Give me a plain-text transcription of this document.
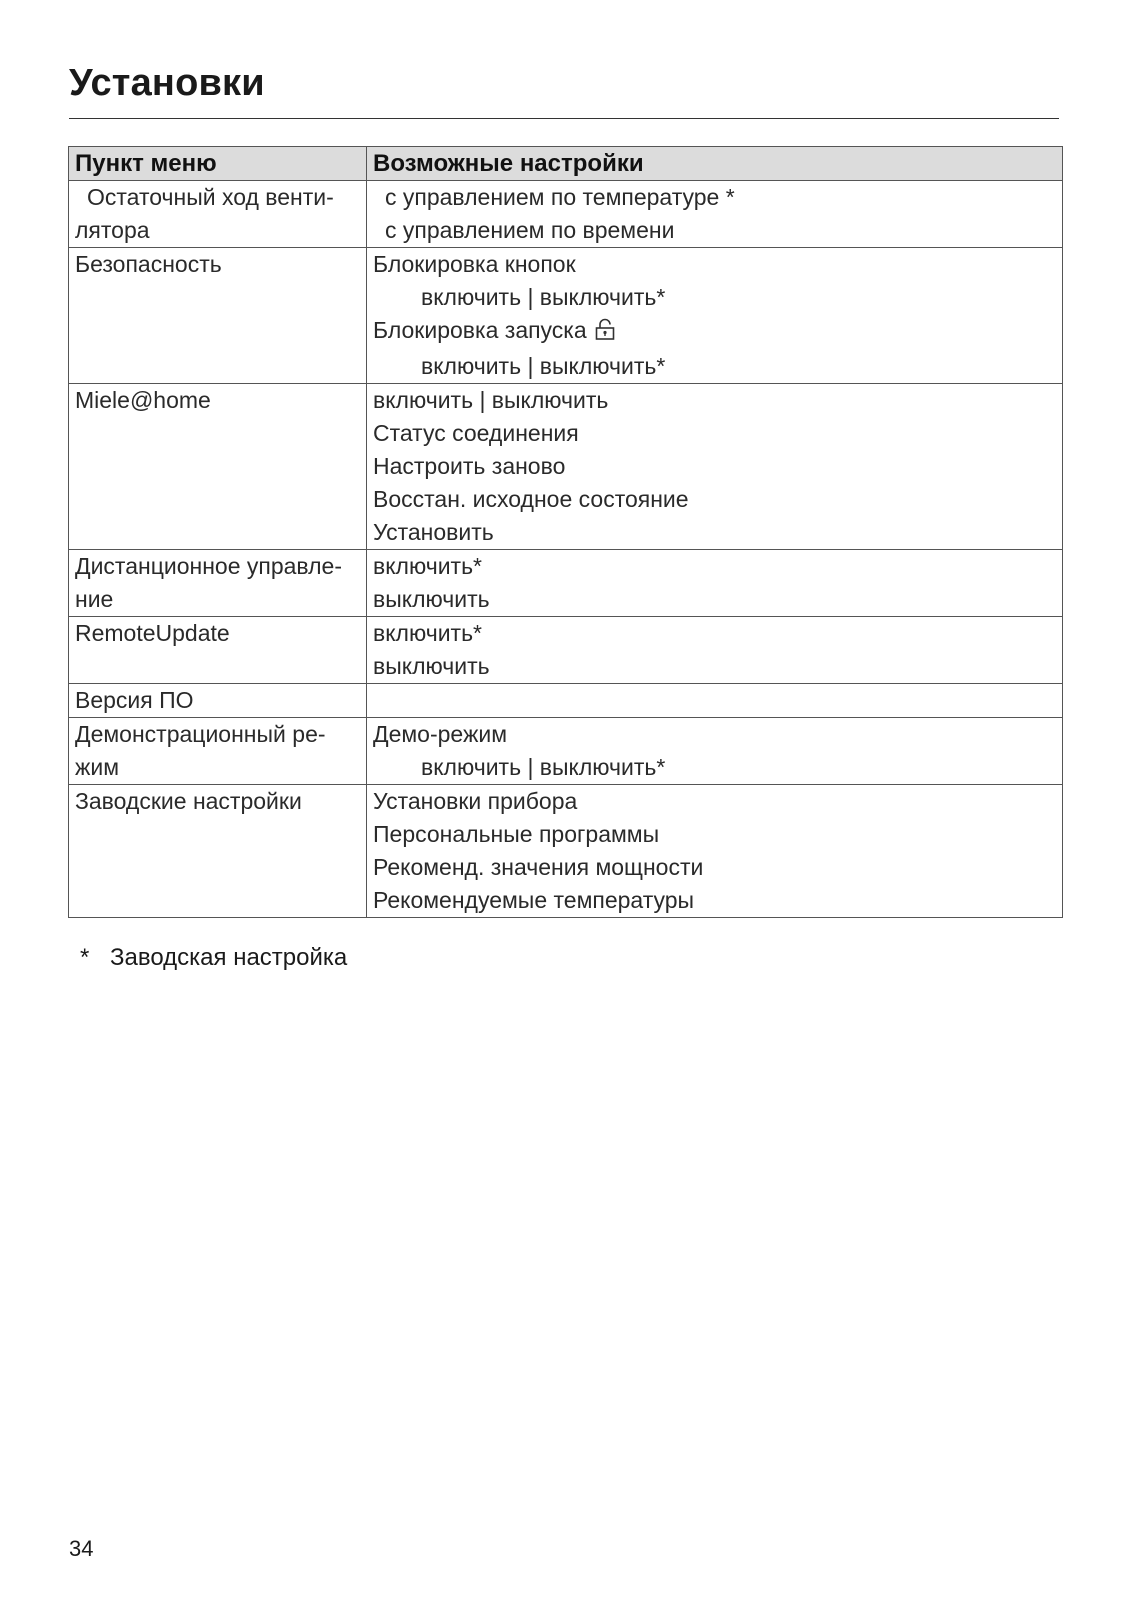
Установки
Пункт меню	Возможные настройки

Остаточный ход венти-
лятора	с управлением по температуре *
с управлением по времени

Безопасность	Блокировка кнопок
включить | выключить*
Блокировка запуска
включить | выключить*

Miele@home	включить | выключить
Статус соединения
Настроить заново
Восстан. исходное состояние
Установить

Дистанционное управле-
ние	включить*
выключить

RemoteUpdate	включить*
выключить

Версия ПО	

Демонстрационный ре-
жим	Демо-режим
включить | выключить*

Заводские настройки	Установки прибора
Персональные программы
Рекоменд. значения мощности
Рекомендуемые температуры
* Заводская настройка
34
